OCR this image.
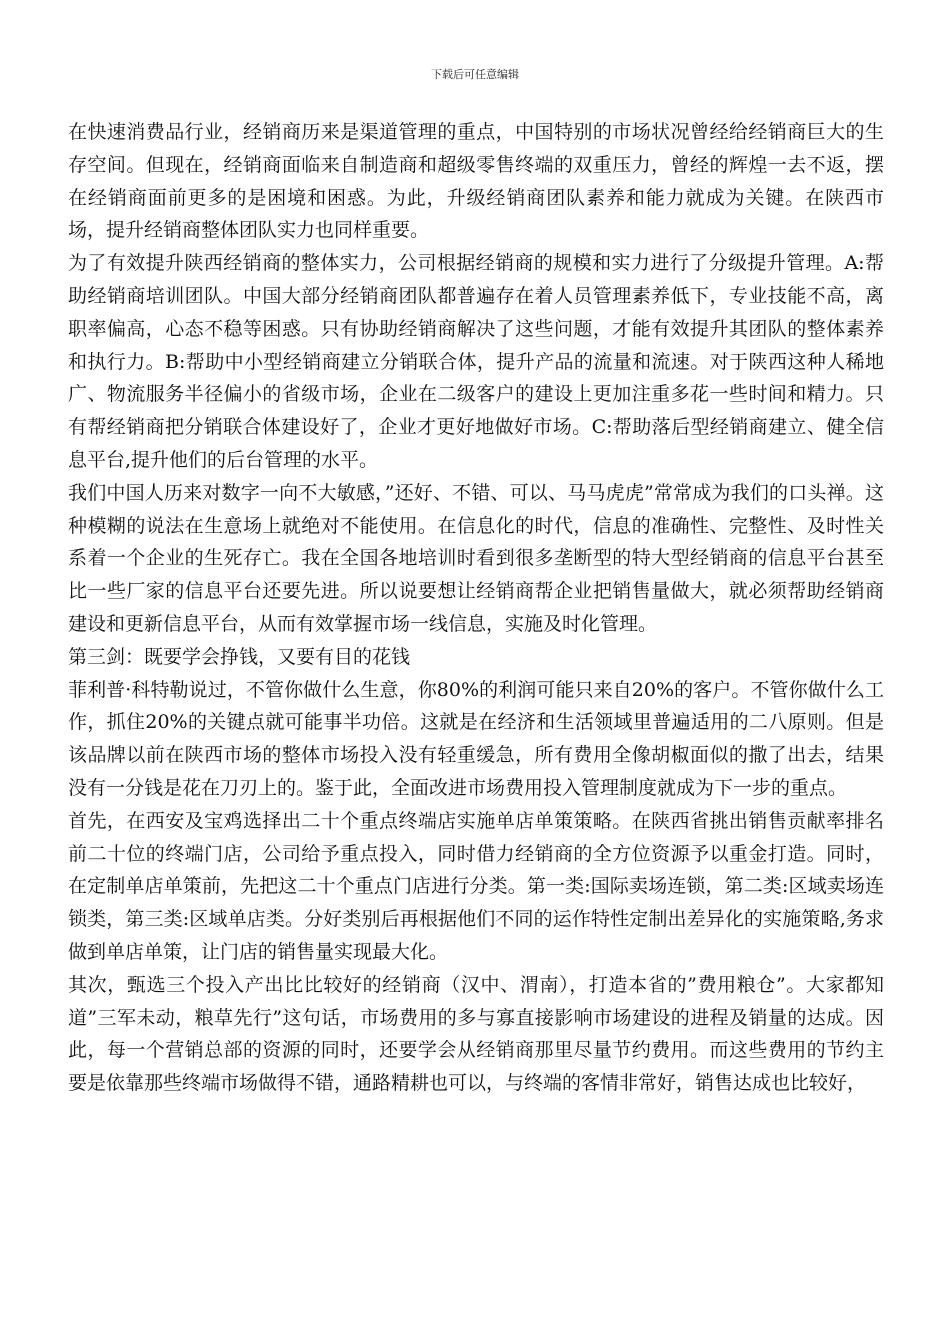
下载后可任意编辑

在快速消费品行业，经销商历来是渠道管理的重点，中国特别的市场状况曾经给经销商巨大的生存空间。但现在，经销商面临来自制造商和超级零售终端的双重压力，曾经的辉煌一去不返，摆在经销商面前更多的是困境和困惑。为此，升级经销商团队素养和能力就成为关键。在陕西市场，提升经销商整体团队实力也同样重要。

为了有效提升陕西经销商的整体实力，公司根据经销商的规模和实力进行了分级提升管理。A:帮助经销商培训团队。中国大部分经销商团队都普遍存在着人员管理素养低下，专业技能不高，离职率偏高，心态不稳等困惑。只有协助经销商解决了这些问题，才能有效提升其团队的整体素养和执行力。B:帮助中小型经销商建立分销联合体，提升产品的流量和流速。对于陕西这种人稀地广、物流服务半径偏小的省级市场，企业在二级客户的建设上更加注重多花一些时间和精力。只有帮经销商把分销联合体建设好了，企业才更好地做好市场。C:帮助落后型经销商建立、健全信息平台,提升他们的后台管理的水平。

我们中国人历来对数字一向不大敏感，”还好、不错、可以、马马虎虎”常常成为我们的口头禅。这种模糊的说法在生意场上就绝对不能使用。在信息化的时代，信息的准确性、完整性、及时性关系着一个企业的生死存亡。我在全国各地培训时看到很多垄断型的特大型经销商的信息平台甚至比一些厂家的信息平台还要先进。所以说要想让经销商帮企业把销售量做大，就必须帮助经销商建设和更新信息平台，从而有效掌握市场一线信息，实施及时化管理。

第三剑：既要学会挣钱，又要有目的花钱

菲利普·科特勒说过，不管你做什么生意，你80%的利润可能只来自20%的客户。不管你做什么工作，抓住20%的关键点就可能事半功倍。这就是在经济和生活领域里普遍适用的二八原则。但是该品牌以前在陕西市场的整体市场投入没有轻重缓急，所有费用全像胡椒面似的撒了出去，结果没有一分钱是花在刀刃上的。鉴于此，全面改进市场费用投入管理制度就成为下一步的重点。

首先，在西安及宝鸡选择出二十个重点终端店实施单店单策策略。在陕西省挑出销售贡献率排名前二十位的终端门店，公司给予重点投入，同时借力经销商的全方位资源予以重金打造。同时，在定制单店单策前，先把这二十个重点门店进行分类。第一类:国际卖场连锁，第二类:区域卖场连锁类，第三类:区域单店类。分好类别后再根据他们不同的运作特性定制出差异化的实施策略,务求做到单店单策，让门店的销售量实现最大化。

其次，甄选三个投入产出比比较好的经销商（汉中、渭南），打造本省的”费用粮仓”。大家都知道”三军未动，粮草先行”这句话，市场费用的多与寡直接影响市场建设的进程及销量的达成。因此，每一个营销总部的资源的同时，还要学会从经销商那里尽量节约费用。而这些费用的节约主要是依靠那些终端市场做得不错，通路精耕也可以，与终端的客情非常好，销售达成也比较好，
